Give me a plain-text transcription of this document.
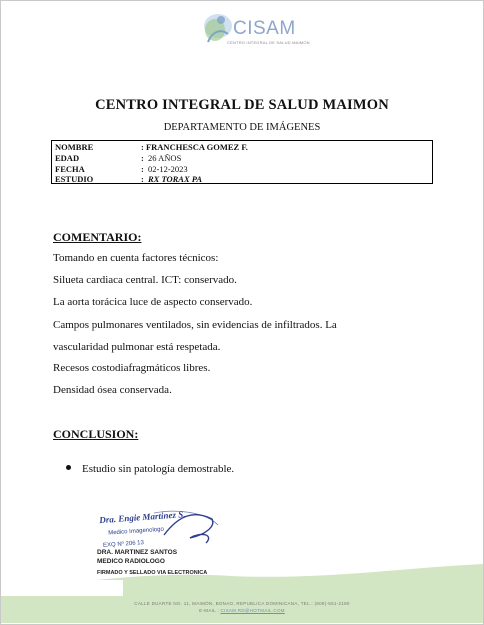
CISAM
CENTRO INTEGRAL DE SALUD MAIMON
CENTRO INTEGRAL DE SALUD MAIMON
DEPARTAMENTO DE IMÁGENES
NOMBRE	: FRANCHESCA GOMEZ F.
EDAD	: 26 AÑOS
FECHA	: 02-12-2023
ESTUDIO	: RX TORAX PA
COMENTARIO:
Tomando en cuenta factores técnicos:
Silueta cardiaca central. ICT: conservado.
La aorta torácica luce de aspecto conservado.
Campos pulmonares ventilados, sin evidencias de infiltrados. La
vascularidad pulmonar está respetada.
Recesos costodiafragmáticos libres.
Densidad ósea conservada.
CONCLUSION:
Estudio sin patología demostrable.
Dra. Engie Martinez S.
Medico Imagenologo
EXQ Nº 206 13
DRA. MARTINEZ SANTOS
MEDICO RADIOLOGO
FIRMADO Y SELLADO VIA ELECTRONICA
CALLE DUARTE NO. 11, MAIMÓN, BONAO, REPUBLICA DOMINICANA, TEL.: (809)-551-2180
E-MAIL : CISAM.RD@HOTMAIL.COM
